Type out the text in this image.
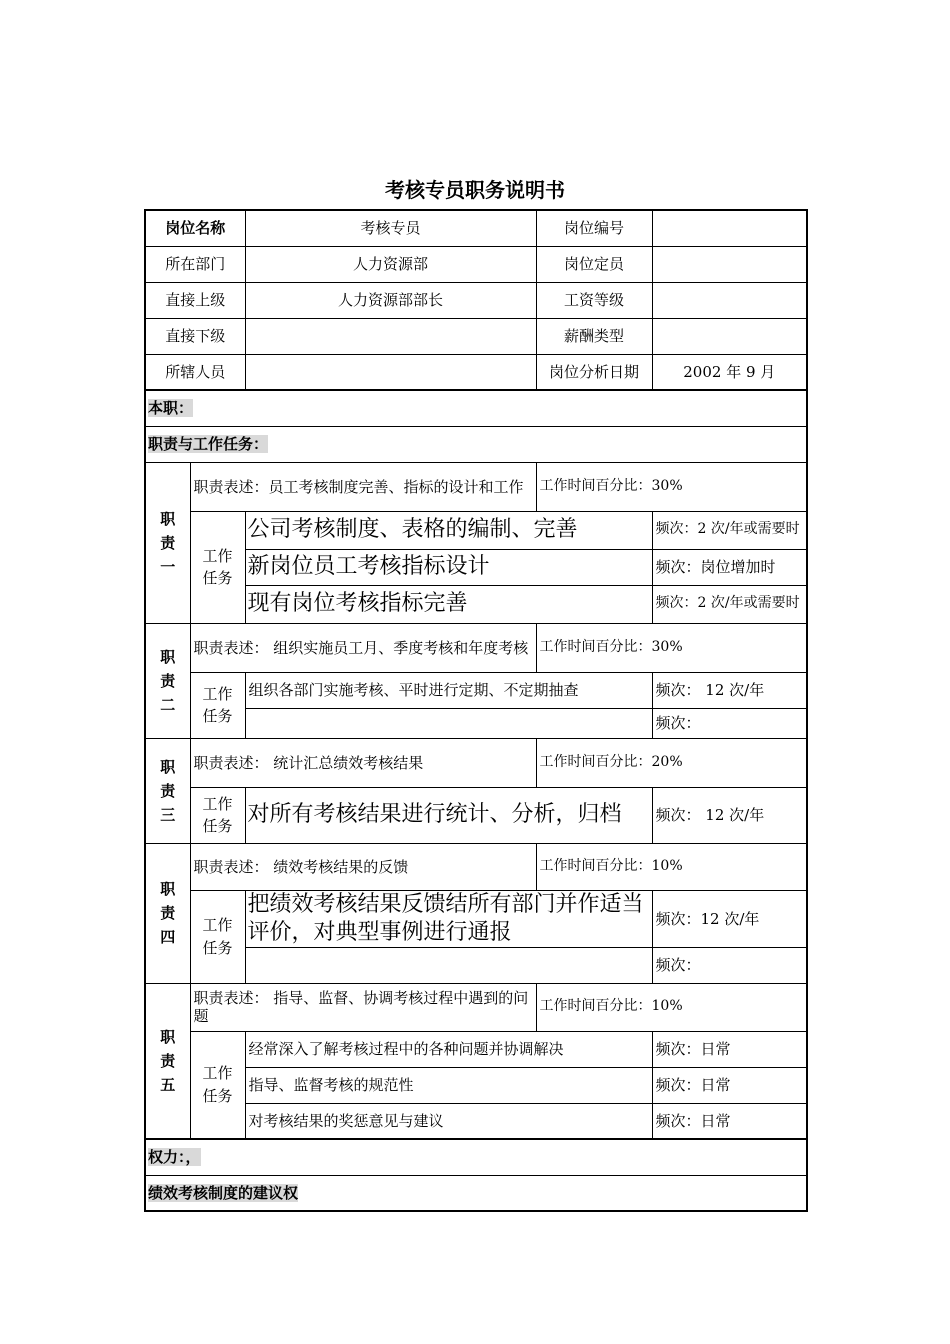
考核专员职务说明书
岗位名称		考核专员	岗位编号	
所在部门		人力资源部	岗位定员	
直接上级		人力资源部部长	工资等级	
直接下级			薪酬类型	
所辖人员			岗位分析日期	2002 年 9 月
本职：				
职责与工作任务：				
职责一	职责表述：员工考核制度完善、指标的设计和工作		工作时间百分比：30%	
	工作任务	公司考核制度、表格的编制、完善		频次：2 次/年或需要时
		新岗位员工考核指标设计		频次：岗位增加时
		现有岗位考核指标完善		频次：2 次/年或需要时
职责二	职责表述： 组织实施员工月、季度考核和年度考核		工作时间百分比：30%	
	工作任务	组织各部门实施考核、平时进行定期、不定期抽查		频次： 12 次/年
				频次：
职责三	职责表述： 统计汇总绩效考核结果		工作时间百分比：20%	
	工作任务	对所有考核结果进行统计、分析，归档		频次： 12 次/年
职责四	职责表述： 绩效考核结果的反馈		工作时间百分比：10%	
	工作任务	把绩效考核结果反馈结所有部门并作适当评价，对典型事例进行通报		频次：12 次/年
				频次：
职责五	职责表述： 指导、监督、协调考核过程中遇到的问题		工作时间百分比：10%	
	工作任务	经常深入了解考核过程中的各种问题并协调解决		频次：日常
		指导、监督考核的规范性		频次：日常
		对考核结果的奖惩意见与建议		频次：日常
权力：，				
绩效考核制度的建议权				
